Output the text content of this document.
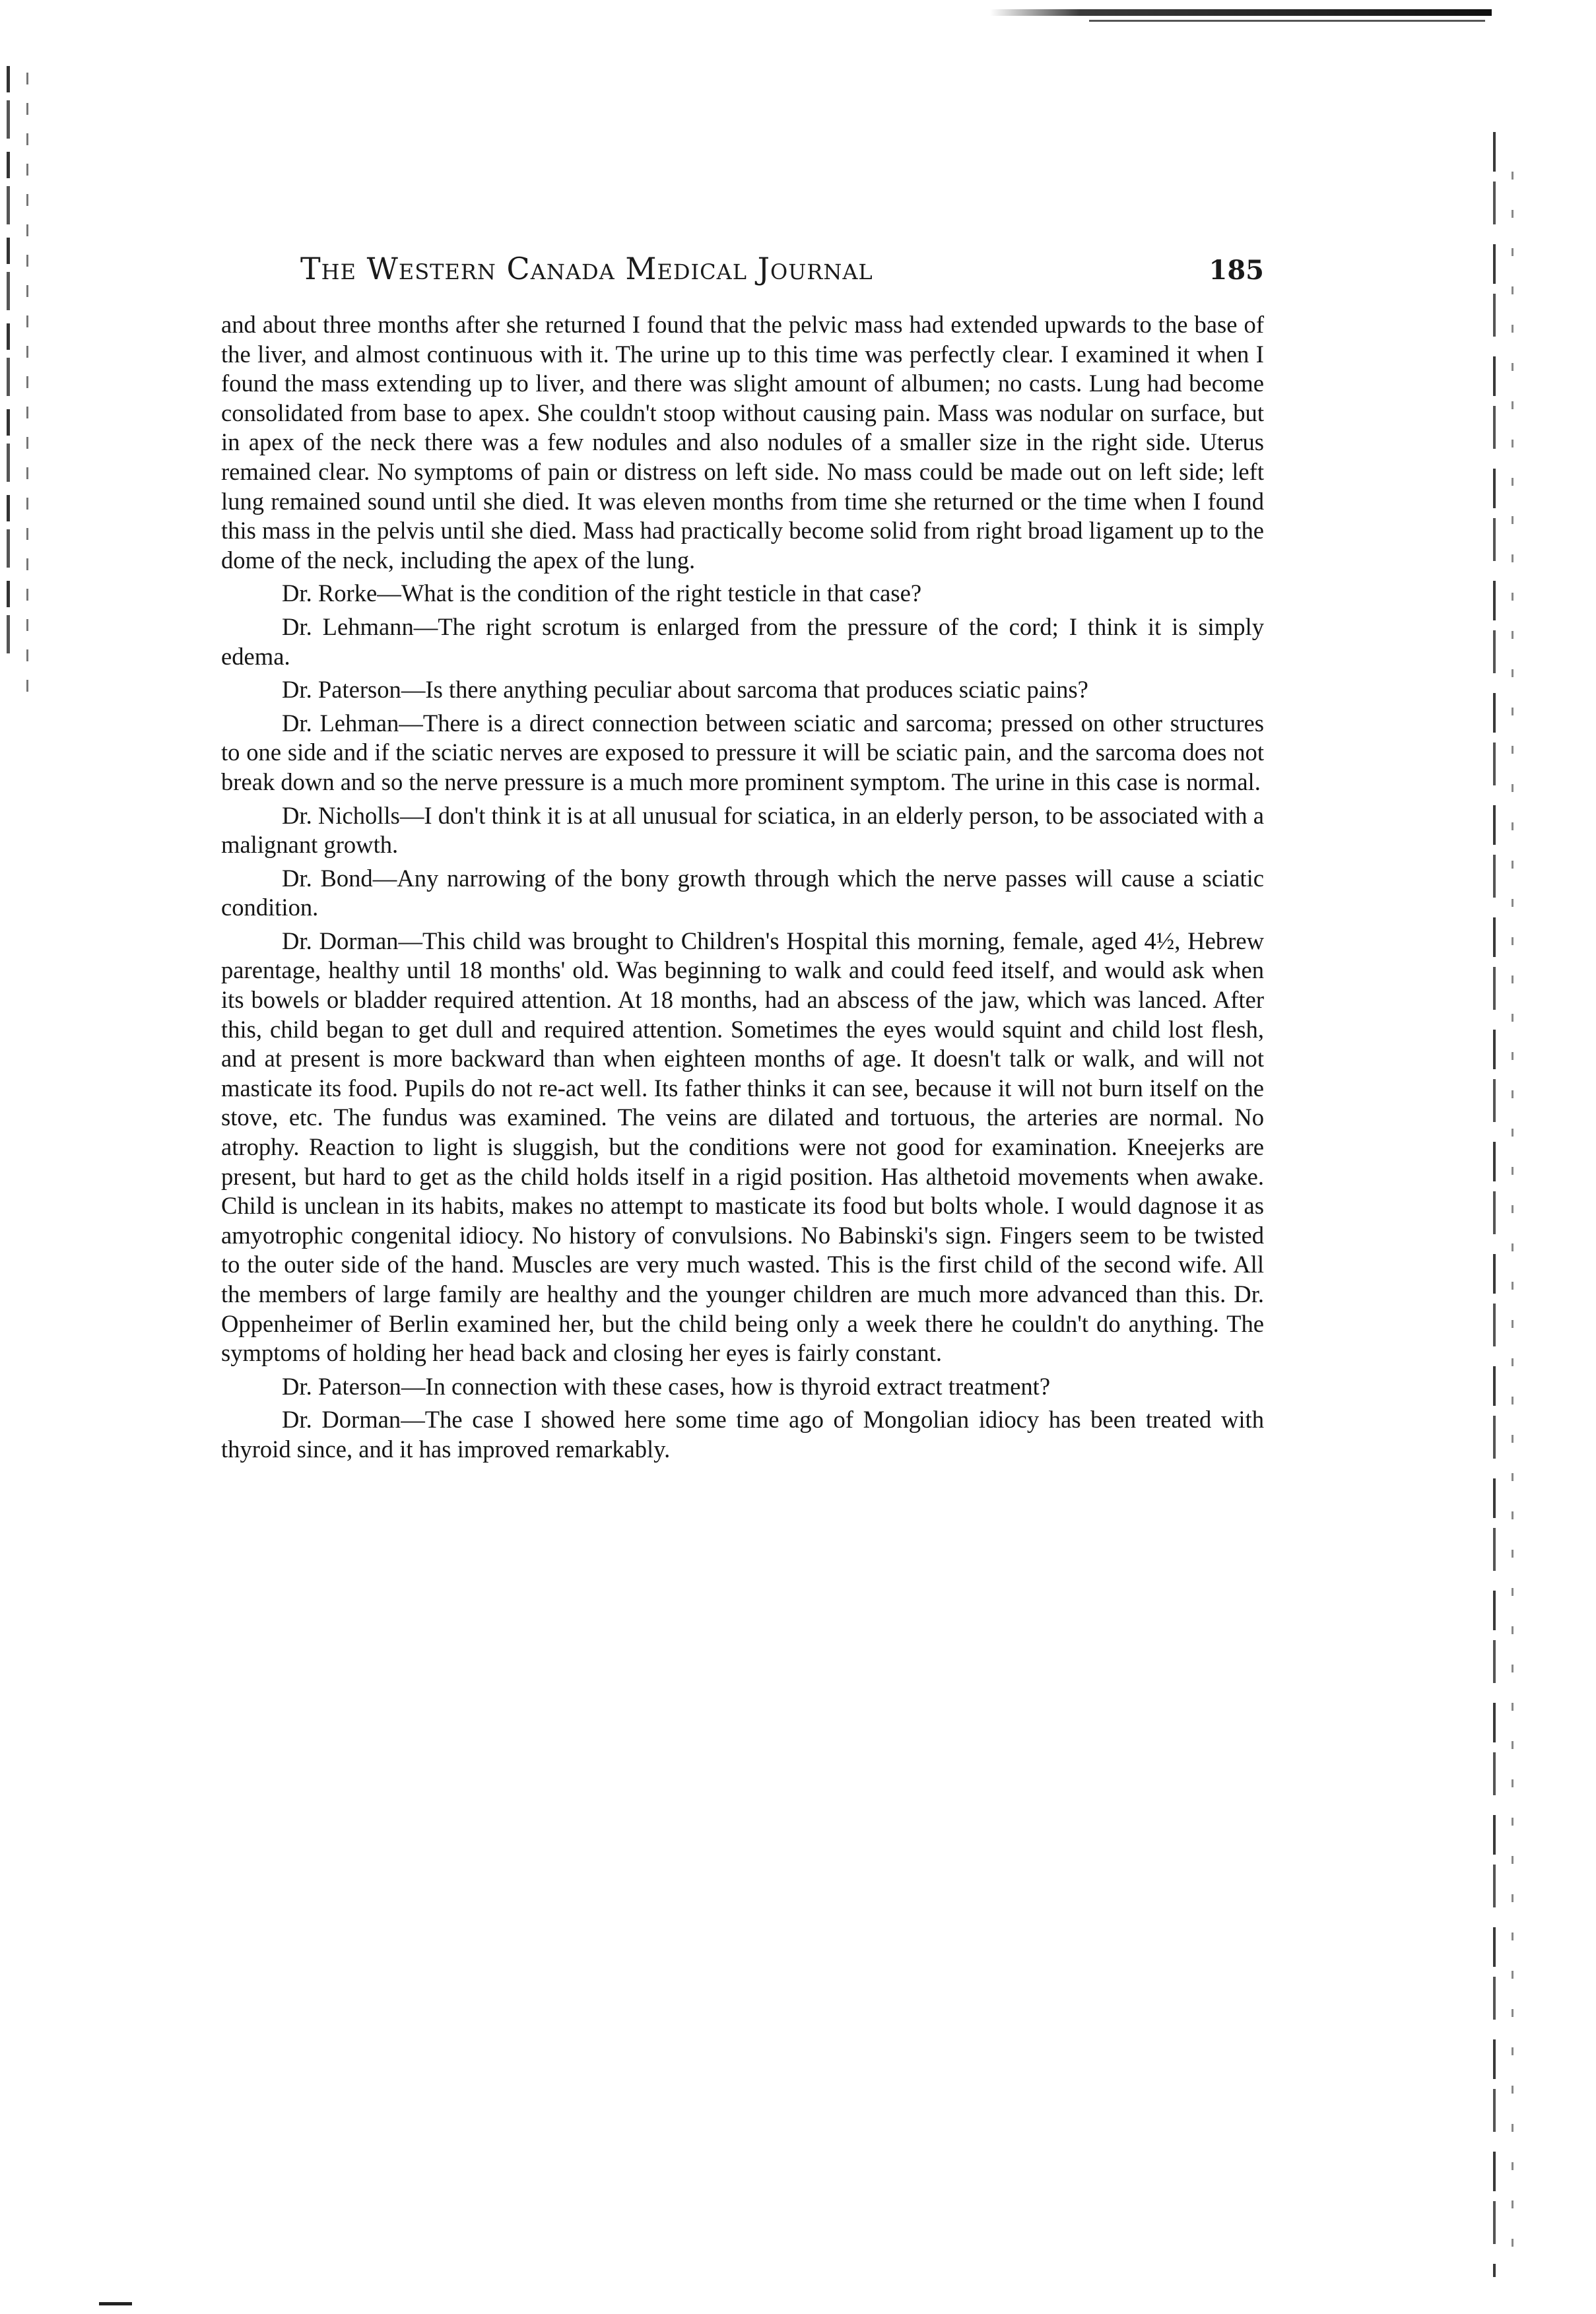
The Western Canada Medical Journal	185

and about three months after she returned I found that the pelvic mass had extended upwards to the base of the liver, and almost continuous with it. The urine up to this time was perfectly clear. I examined it when I found the mass extending up to liver, and there was slight amount of albumen; no casts. Lung had become consolidated from base to apex. She couldn't stoop without causing pain. Mass was nodular on surface, but in apex of the neck there was a few nodules and also nodules of a smaller size in the right side. Uterus remained clear. No symptoms of pain or distress on left side. No mass could be made out on left side; left lung remained sound until she died. It was eleven months from time she returned or the time when I found this mass in the pelvis until she died. Mass had practically become solid from right broad ligament up to the dome of the neck, including the apex of the lung.

Dr. Rorke—What is the condition of the right testicle in that case?

Dr. Lehmann—The right scrotum is enlarged from the pressure of the cord; I think it is simply edema.

Dr. Paterson—Is there anything peculiar about sarcoma that produces sciatic pains?

Dr. Lehman—There is a direct connection between sciatic and sarcoma; pressed on other structures to one side and if the sciatic nerves are exposed to pressure it will be sciatic pain, and the sarcoma does not break down and so the nerve pressure is a much more prominent symptom. The urine in this case is normal.

Dr. Nicholls—I don't think it is at all unusual for sciatica, in an elderly person, to be associated with a malignant growth.

Dr. Bond—Any narrowing of the bony growth through which the nerve passes will cause a sciatic condition.

Dr. Dorman—This child was brought to Children's Hospital this morning, female, aged 4½, Hebrew parentage, healthy until 18 months' old. Was beginning to walk and could feed itself, and would ask when its bowels or bladder required attention. At 18 months, had an abscess of the jaw, which was lanced. After this, child began to get dull and required attention. Sometimes the eyes would squint and child lost flesh, and at present is more backward than when eighteen months of age. It doesn't talk or walk, and will not masticate its food. Pupils do not re-act well. Its father thinks it can see, because it will not burn itself on the stove, etc. The fundus was examined. The veins are dilated and tortuous, the arteries are normal. No atrophy. Reaction to light is sluggish, but the conditions were not good for examination. Kneejerks are present, but hard to get as the child holds itself in a rigid position. Has althetoid movements when awake. Child is unclean in its habits, makes no attempt to masticate its food but bolts whole. I would dagnose it as amyotrophic congenital idiocy. No history of convulsions. No Babinski's sign. Fingers seem to be twisted to the outer side of the hand. Muscles are very much wasted. This is the first child of the second wife. All the members of large family are healthy and the younger children are much more advanced than this. Dr. Oppenheimer of Berlin examined her, but the child being only a week there he couldn't do anything. The symptoms of holding her head back and closing her eyes is fairly constant.

Dr. Paterson—In connection with these cases, how is thyroid extract treatment?

Dr. Dorman—The case I showed here some time ago of Mongolian idiocy has been treated with thyroid since, and it has improved remarkably.
